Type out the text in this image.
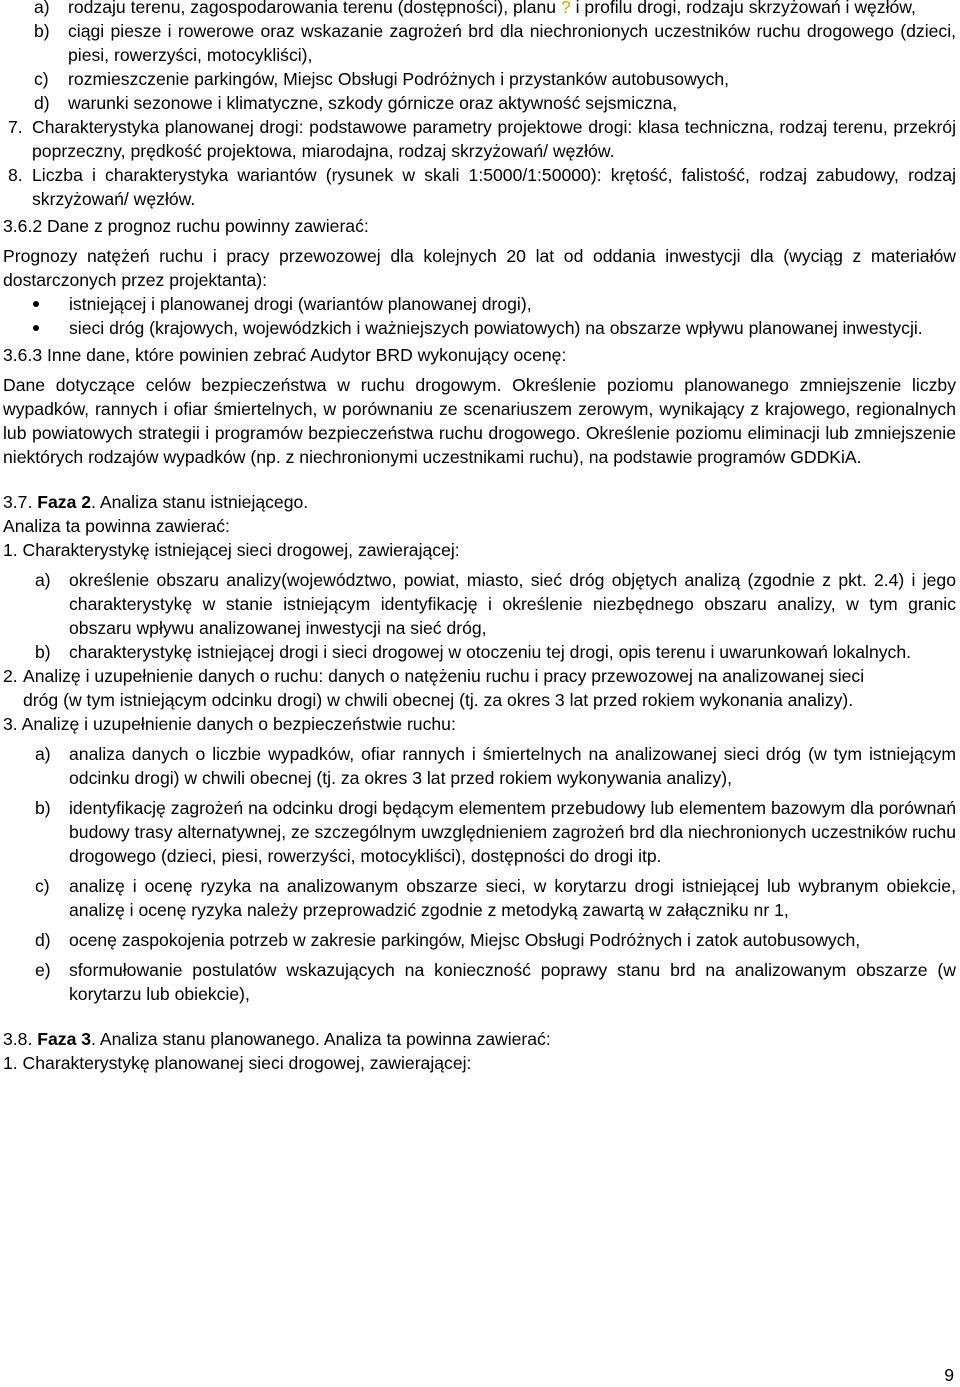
a)	rodzaju terenu, zagospodarowania terenu (dostępności), planu ? i profilu drogi, rodzaju skrzyżowań i węzłów,
b)	ciągi piesze i rowerowe oraz wskazanie zagrożeń brd dla niechronionych uczestników ruchu drogowego (dzieci, piesi, rowerzyści, motocykliści),
c)	rozmieszczenie parkingów, Miejsc Obsługi Podróżnych i przystanków autobusowych,
d)	warunki sezonowe i klimatyczne, szkody górnicze oraz aktywność sejsmiczna,
7. Charakterystyka planowanej drogi: podstawowe parametry projektowe drogi: klasa techniczna, rodzaj terenu, przekrój poprzeczny, prędkość projektowa, miarodajna, rodzaj skrzyżowań/ węzłów.
8. Liczba i charakterystyka wariantów (rysunek w skali 1:5000/1:50000): krętość, falistość, rodzaj zabudowy, rodzaj skrzyżowań/ węzłów.

3.6.2 Dane z prognoz ruchu powinny zawierać:

Prognozy natężeń ruchu i pracy przewozowej dla kolejnych 20 lat od oddania inwestycji dla (wyciąg z materiałów dostarczonych przez projektanta):

istniejącej i planowanej drogi (wariantów planowanej drogi),
sieci dróg (krajowych, wojewódzkich i ważniejszych powiatowych) na obszarze wpływu planowanej inwestycji.

3.6.3 Inne dane, które powinien zebrać Audytor BRD wykonujący ocenę:

Dane dotyczące celów bezpieczeństwa w ruchu drogowym. Określenie poziomu planowanego zmniejszenie liczby wypadków, rannych i ofiar śmiertelnych, w porównaniu ze scenariuszem zerowym, wynikający z krajowego, regionalnych lub powiatowych strategii i programów bezpieczeństwa ruchu drogowego. Określenie poziomu eliminacji lub zmniejszenie niektórych rodzajów wypadków (np. z niechronionymi uczestnikami ruchu), na podstawie programów GDDKiA.

3.7. Faza 2. Analiza stanu istniejącego.

Analiza ta powinna zawierać:

1. Charakterystykę istniejącej sieci drogowej, zawierającej:

a)	określenie obszaru analizy(województwo, powiat, miasto, sieć dróg objętych analizą (zgodnie z pkt. 2.4) i jego charakterystykę w stanie istniejącym identyfikację i określenie niezbędnego obszaru analizy, w tym granic obszaru wpływu analizowanej inwestycji na sieć dróg,
b)	charakterystykę istniejącej drogi i sieci drogowej w otoczeniu tej drogi, opis terenu i uwarunkowań lokalnych.
2. Analizę i uzupełnienie danych o ruchu: danych o natężeniu ruchu i pracy przewozowej na analizowanej sieci dróg (w tym istniejącym odcinku drogi) w chwili obecnej (tj. za okres 3 lat przed rokiem wykonania analizy).

3. Analizę i uzupełnienie danych o bezpieczeństwie ruchu:

a)	analiza danych o liczbie wypadków, ofiar rannych i śmiertelnych na analizowanej sieci dróg (w tym istniejącym odcinku drogi) w chwili obecnej (tj. za okres 3 lat przed rokiem wykonywania analizy),
b)	identyfikację zagrożeń na odcinku drogi będącym elementem przebudowy lub elementem bazowym dla porównań budowy trasy alternatywnej, ze szczególnym uwzględnieniem zagrożeń brd dla niechronionych uczestników ruchu drogowego (dzieci, piesi, rowerzyści, motocykliści), dostępności do drogi itp.
c)	analizę i ocenę ryzyka na analizowanym obszarze sieci, w korytarzu drogi istniejącej lub wybranym obiekcie, analizę i ocenę ryzyka należy przeprowadzić zgodnie z metodyką zawartą w załączniku nr 1,
d)	ocenę zaspokojenia potrzeb w zakresie parkingów, Miejsc Obsługi Podróżnych i zatok autobusowych,
e)	sformułowanie postulatów wskazujących na konieczność poprawy stanu brd na analizowanym obszarze (w korytarzu lub obiekcie),

3.8. Faza 3. Analiza stanu planowanego. Analiza ta powinna zawierać:

1. Charakterystykę planowanej sieci drogowej, zawierającej:

9
